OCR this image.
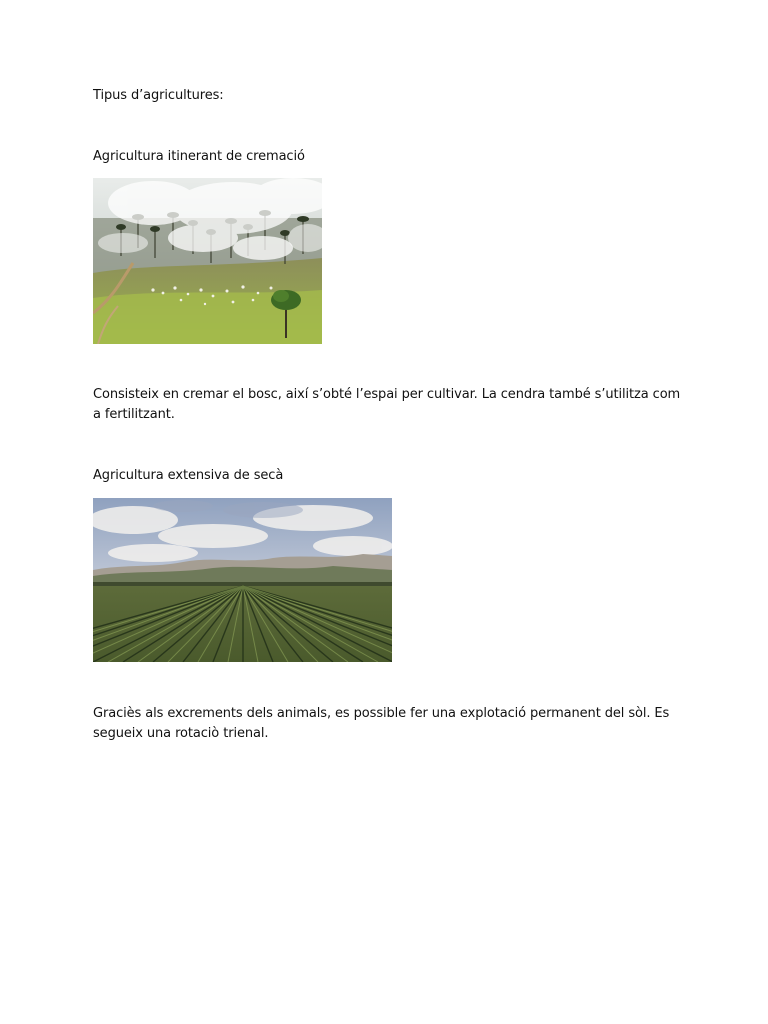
Tipus d’agricultures:
Agricultura itinerant de cremació
Consisteix en cremar el bosc, així s’obté l’espai per cultivar. La cendra també s’utilitza com a fertilitzant.
Agricultura extensiva de secà
Graciès als excrements dels animals, es possible fer una explotació permanent del sòl. Es segueix una rotaciò trienal.
